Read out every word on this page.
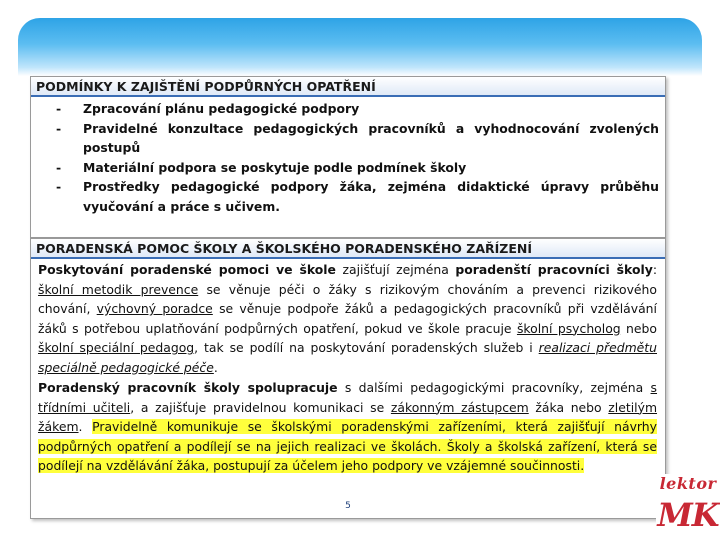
PODMÍNKY K ZAJIŠTĚNÍ PODPŮRNÝCH OPATŘENÍ
- Zpracování plánu pedagogické podpory
- Pravidelné konzultace pedagogických pracovníků a vyhodnocování zvolených postupů
- Materiální podpora se poskytuje podle podmínek školy
- Prostředky pedagogické podpory žáka, zejména didaktické úpravy průběhu vyučování a práce s učivem.
PORADENSKÁ POMOC ŠKOLY A ŠKOLSKÉHO PORADENSKÉHO ZAŘÍZENÍ

Poskytování poradenské pomoci ve škole zajišťují zejména poradenští pracovníci školy: školní metodik prevence se věnuje péči o žáky s rizikovým chováním a prevenci rizikového chování, výchovný poradce se věnuje podpoře žáků a pedagogických pracovníků při vzdělávání žáků s potřebou uplatňování podpůrných opatření, pokud ve škole pracuje školní psycholog nebo školní speciální pedagog, tak se podílí na poskytování poradenských služeb i realizaci předmětu speciálně pedagogické péče.

Poradenský pracovník školy spolupracuje s dalšími pedagogickými pracovníky, zejména s třídními učiteli, a zajišťuje pravidelnou komunikaci se zákonným zástupcem žáka nebo zletilým žákem. Pravidelně komunikuje se školskými poradenskými zařízeními, která zajišťují návrhy podpůrných opatření a podílejí se na jejich realizaci ve školách. Školy a školská zařízení, která se podílejí na vzdělávání žáka, postupují za účelem jeho podpory ve vzájemné součinnosti.

5
lektor
MK
